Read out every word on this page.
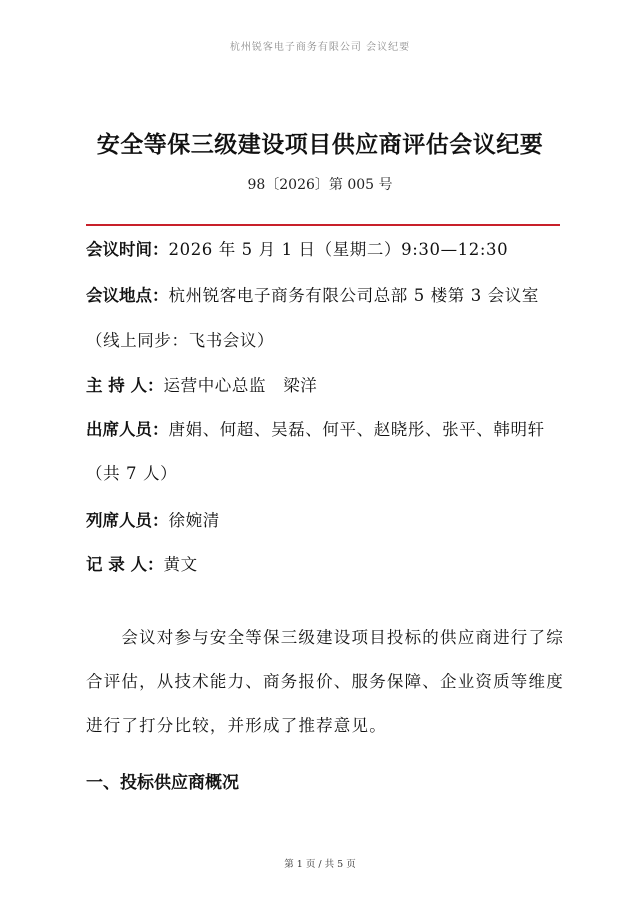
杭州锐客电子商务有限公司 会议纪要
安全等保三级建设项目供应商评估会议纪要
98〔2026〕第 005 号
会议时间：2026 年 5 月 1 日（星期二）9:30—12:30
会议地点：杭州锐客电子商务有限公司总部 5 楼第 3 会议室
（线上同步：飞书会议）
主 持 人：运营中心总监　梁洋
出席人员：唐娟、何超、吴磊、何平、赵晓彤、张平、韩明轩
（共 7 人）
列席人员：徐婉清
记 录 人：黄文
　　会议对参与安全等保三级建设项目投标的供应商进行了综
合评估，从技术能力、商务报价、服务保障、企业资质等维度
进行了打分比较，并形成了推荐意见。
一、投标供应商概况
第 1 页 / 共 5 页
